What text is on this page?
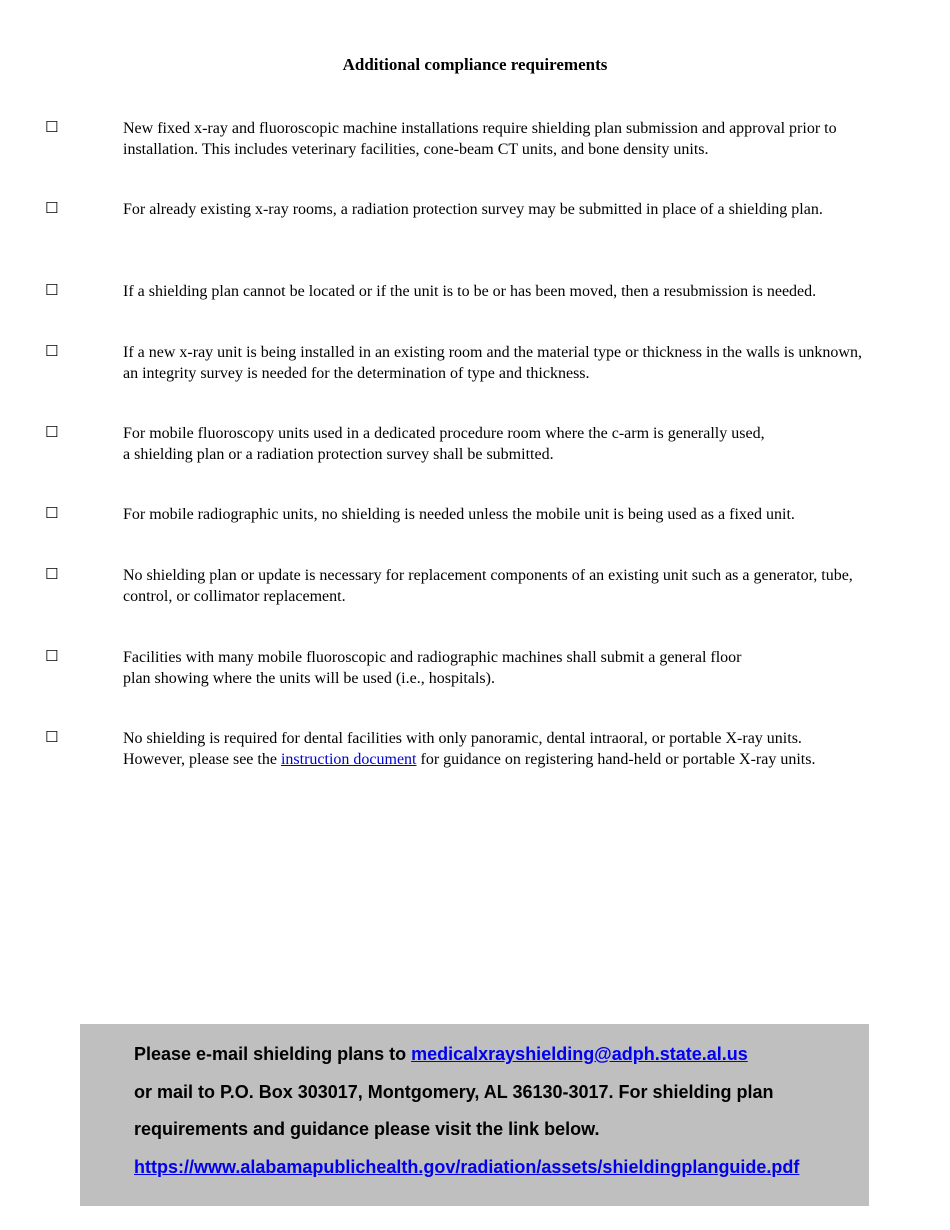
Additional compliance requirements
☐	New fixed x-ray and fluoroscopic machine installations require shielding plan submission and approval prior to installation. This includes veterinary facilities, cone-beam CT units, and bone density units.
☐	For already existing x-ray rooms, a radiation protection survey may be submitted in place of a shielding plan.
☐	If a shielding plan cannot be located or if the unit is to be or has been moved, then a resubmission is needed.
☐	If a new x-ray unit is being installed in an existing room and the material type or thickness in the walls is unknown, an integrity survey is needed for the determination of type and thickness.
☐	For mobile fluoroscopy units used in a dedicated procedure room where the c-arm is generally used,
a shielding plan or a radiation protection survey shall be submitted.
☐	For mobile radiographic units, no shielding is needed unless the mobile unit is being used as a fixed unit.
☐	No shielding plan or update is necessary for replacement components of an existing unit such as a generator, tube, control, or collimator replacement.
☐	Facilities with many mobile fluoroscopic and radiographic machines shall submit a general floor
plan showing where the units will be used (i.e., hospitals).
☐	No shielding is required for dental facilities with only panoramic, dental intraoral, or portable X-ray units.
However, please see the instruction document for guidance on registering hand-held or portable X-ray units.
Please e-mail shielding plans to medicalxrayshielding@adph.state.al.us
or mail to P.O. Box 303017, Montgomery, AL 36130-3017. For shielding plan
requirements and guidance please visit the link below.
https://www.alabamapublichealth.gov/radiation/assets/shieldingplanguide.pdf
